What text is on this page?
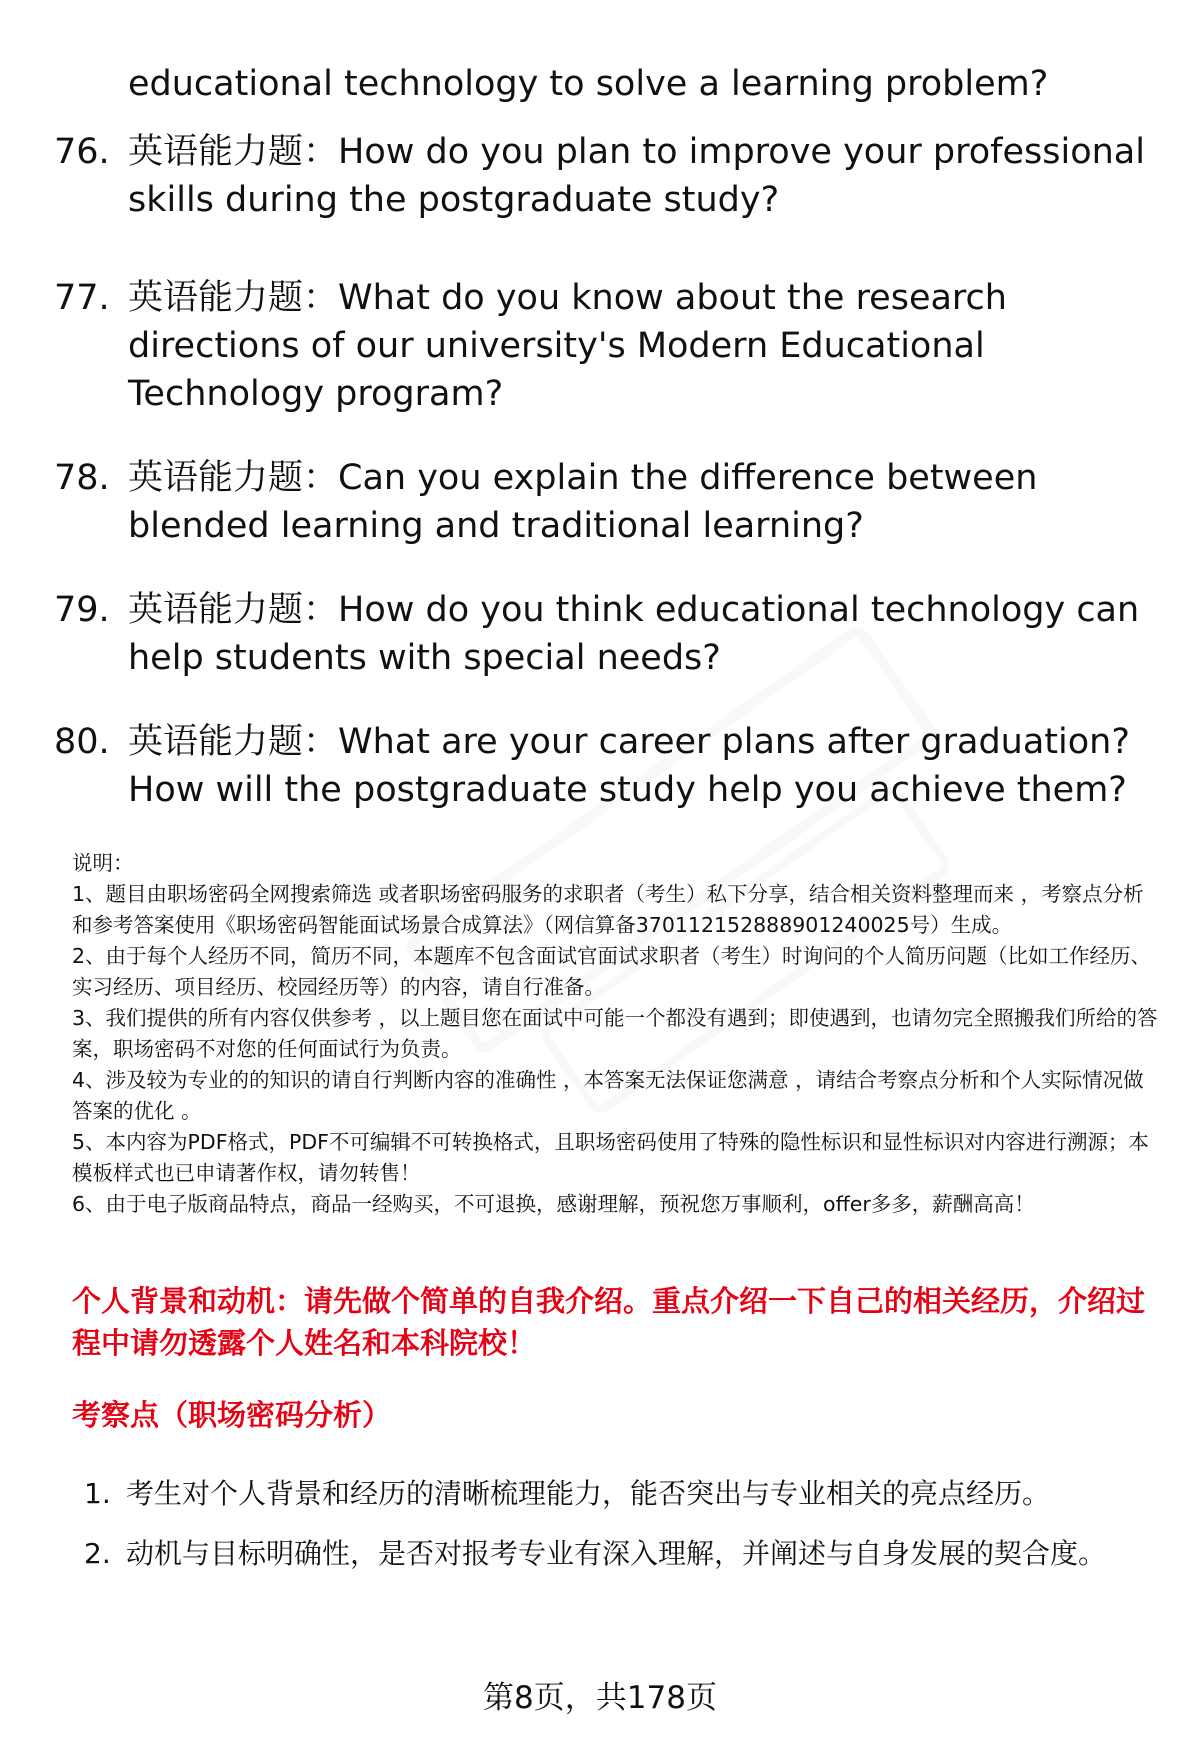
educational technology to solve a learning problem?
76. 英语能力题：How do you plan to improve your professional skills during the postgraduate study?
77. 英语能力题：What do you know about the research directions of our university's Modern Educational Technology program?
78. 英语能力题：Can you explain the difference between blended learning and traditional learning?
79. 英语能力题：How do you think educational technology can help students with special needs?
80. 英语能力题：What are your career plans after graduation? How will the postgraduate study help you achieve them?
说明：
1、题目由职场密码全网搜索筛选 或者职场密码服务的求职者（考生）私下分享，结合相关资料整理而来 ，考察点分析和参考答案使用《职场密码智能面试场景合成算法》（网信算备370112152888901240025号）生成。
2、由于每个人经历不同，简历不同，本题库不包含面试官面试求职者（考生）时询问的个人简历问题（比如工作经历、实习经历、项目经历、校园经历等）的内容，请自行准备。
3、我们提供的所有内容仅供参考 ，以上题目您在面试中可能一个都没有遇到；即使遇到，也请勿完全照搬我们所给的答案，职场密码不对您的任何面试行为负责。
4、涉及较为专业的的知识的请自行判断内容的准确性 ，本答案无法保证您满意 ，请结合考察点分析和个人实际情况做答案的优化 。
5、本内容为PDF格式，PDF不可编辑不可转换格式，且职场密码使用了特殊的隐性标识和显性标识对内容进行溯源；本模板样式也已申请著作权，请勿转售！
6、由于电子版商品特点，商品一经购买，不可退换，感谢理解，预祝您万事顺利，offer多多，薪酬高高！
个人背景和动机：请先做个简单的自我介绍。重点介绍一下自己的相关经历，介绍过程中请勿透露个人姓名和本科院校！
考察点（职场密码分析）
1. 考生对个人背景和经历的清晰梳理能力，能否突出与专业相关的亮点经历。
2. 动机与目标明确性，是否对报考专业有深入理解，并阐述与自身发展的契合度。
第8页，共178页
